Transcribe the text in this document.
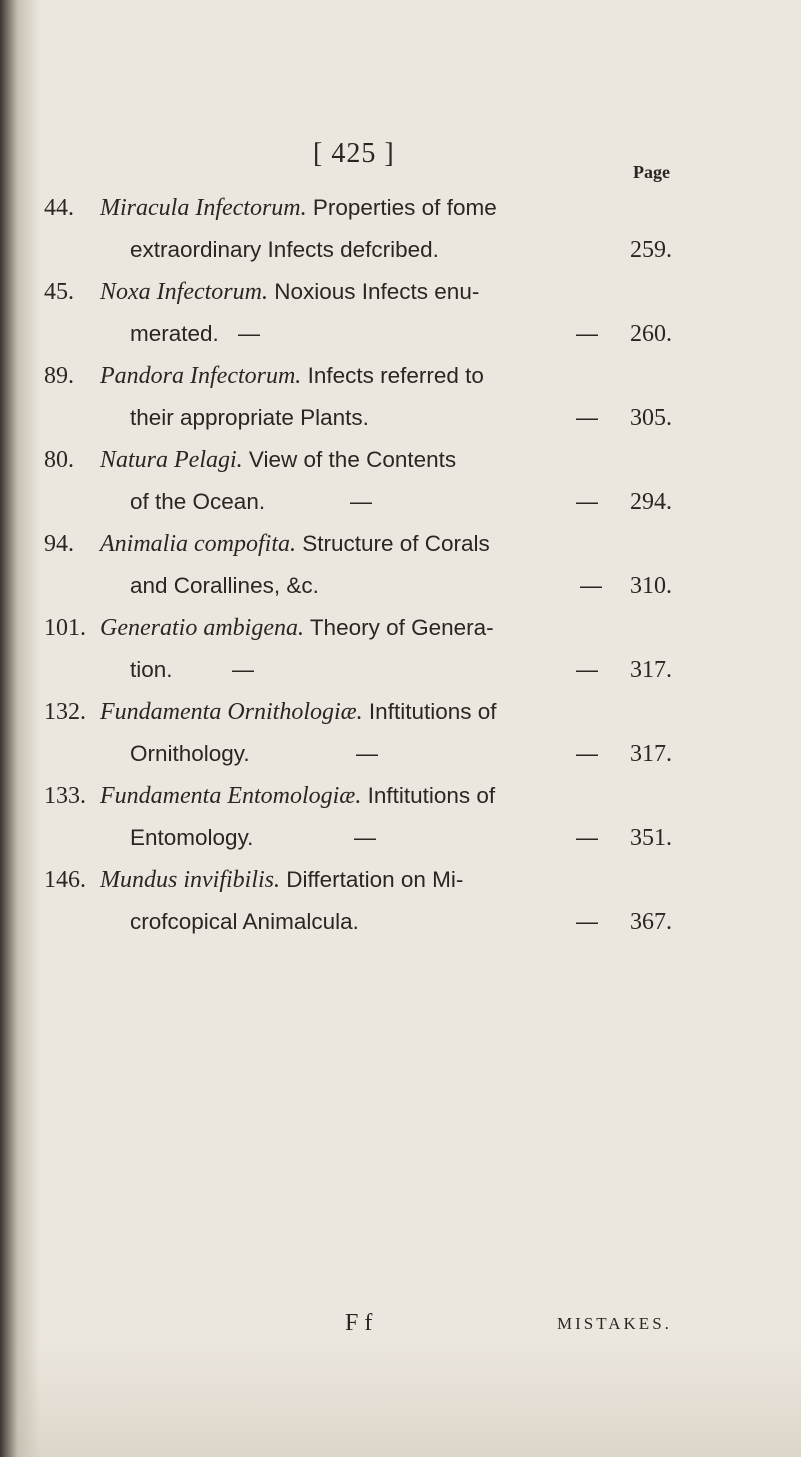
[ 425 ]
Page
44. Miracula Infectorum. Properties of fome
extraordinary Infects defcribed.	259.
45. Noxa Infectorum. Noxious Infects enu-
merated. —	— 260.
89. Pandora Infectorum. Infects referred to
their appropriate Plants.	— 305.
80. Natura Pelagi. View of the Contents
of the Ocean.	—	— 294.
94. Animalia compofita. Structure of Corals
and Corallines, &c.	— 310.
101. Generatio ambigena. Theory of Genera-
tion.	—	— 317.
132. Fundamenta Ornithologiæ. Inftitutions of
Ornithology.	—	— 317.
133. Fundamenta Entomologiæ. Inftitutions of
Entomology.	—	— 351.
146. Mundus invifibilis. Differtation on Mi-
crofcopical Animalcula.	— 367.
F f	MISTAKES.
